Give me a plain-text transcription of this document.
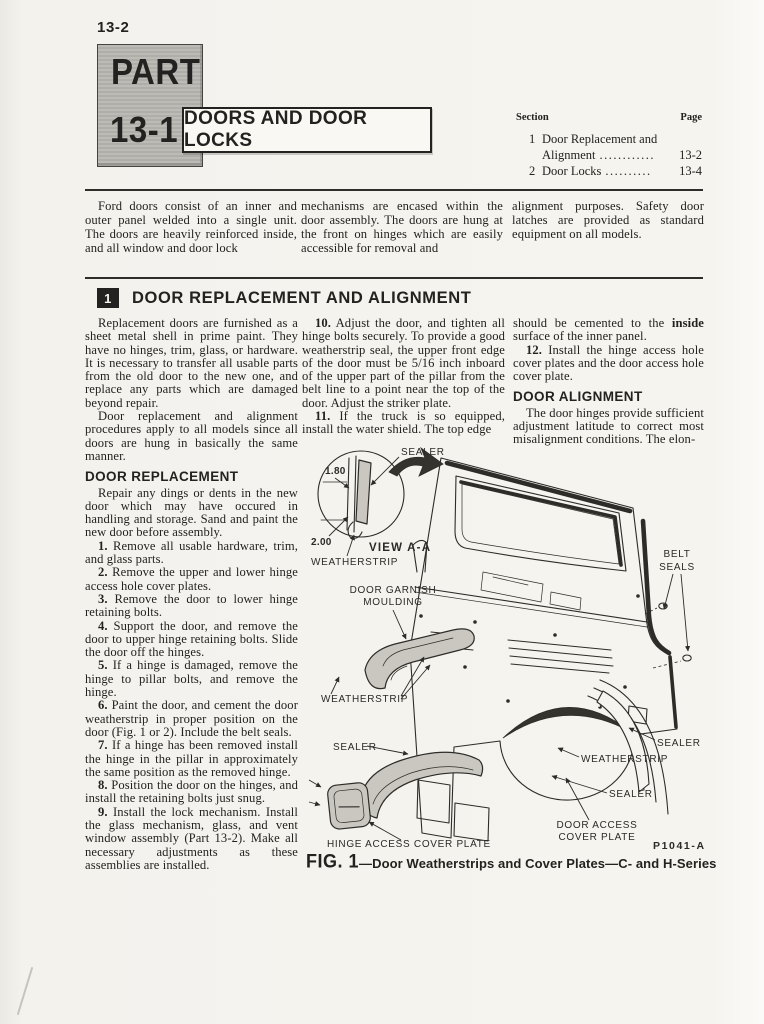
13-2
PART
13-1 DOORS AND DOOR LOCKS
Section	Page
1 Door Replacement and
Alignment ............ 13-2
2 Door Locks .......... 13-4

Ford doors consist of an inner and outer panel welded into a single unit. The doors are heavily reinforced inside, and all window and door lock

mechanisms are encased within the door assembly. The doors are hung at the front on hinges which are easily accessible for removal and

alignment purposes. Safety door latches are provided as standard equipment on all models.

1	DOOR REPLACEMENT AND ALIGNMENT

Replacement doors are furnished as a sheet metal shell in prime paint. They have no hinges, trim, glass, or hardware. It is necessary to transfer all usable parts from the old door to the new one, and replace any parts which are damaged beyond repair.

Door replacement and alignment procedures apply to all models since all doors are hung in basically the same manner.

DOOR REPLACEMENT

Repair any dings or dents in the new door which may have occured in handling and storage. Sand and paint the new door before assembly.

1. Remove all usable hardware, trim, and glass parts.

2. Remove the upper and lower hinge access hole cover plates.

3. Remove the door to lower hinge retaining bolts.

4. Support the door, and remove the door to upper hinge retaining bolts. Slide the door off the hinges.

5. If a hinge is damaged, remove the hinge to pillar bolts, and remove the hinge.

6. Paint the door, and cement the door weatherstrip in proper position on the door (Fig. 1 or 2). Include the belt seals.

7. If a hinge has been removed install the hinge in the pillar in approximately the same position as the removed hinge.

8. Position the door on the hinges, and install the retaining bolts just snug.

9. Install the lock mechanism. Install the glass mechanism, glass, and vent window assembly (Part 13-2). Make all necessary adjustments as these assemblies are installed.

10. Adjust the door, and tighten all hinge bolts securely. To provide a good weatherstrip seal, the upper front edge of the door must be 5/16 inch inboard of the upper part of the pillar from the belt line to a point near the top of the door. Adjust the striker plate.

11. If the truck is so equipped, install the water shield. The top edge

should be cemented to the inside surface of the inner panel.

12. Install the hinge access hole cover plates and the door access hole cover plate.

DOOR ALIGNMENT

The door hinges provide sufficient adjustment latitude to correct most misalignment conditions. The elon-

SEALER
1.80
2.00	VIEW A-A
WEATHERSTRIP
DOOR GARNISH
MOULDING
WEATHERSTRIP
SEALER
HINGE ACCESS COVER PLATE
BELT
SEALS
SEALER
WEATHERSTRIP
SEALER
DOOR ACCESS
COVER PLATE
P1041-A
FIG. 1—Door Weatherstrips and Cover Plates—C- and H-Series
